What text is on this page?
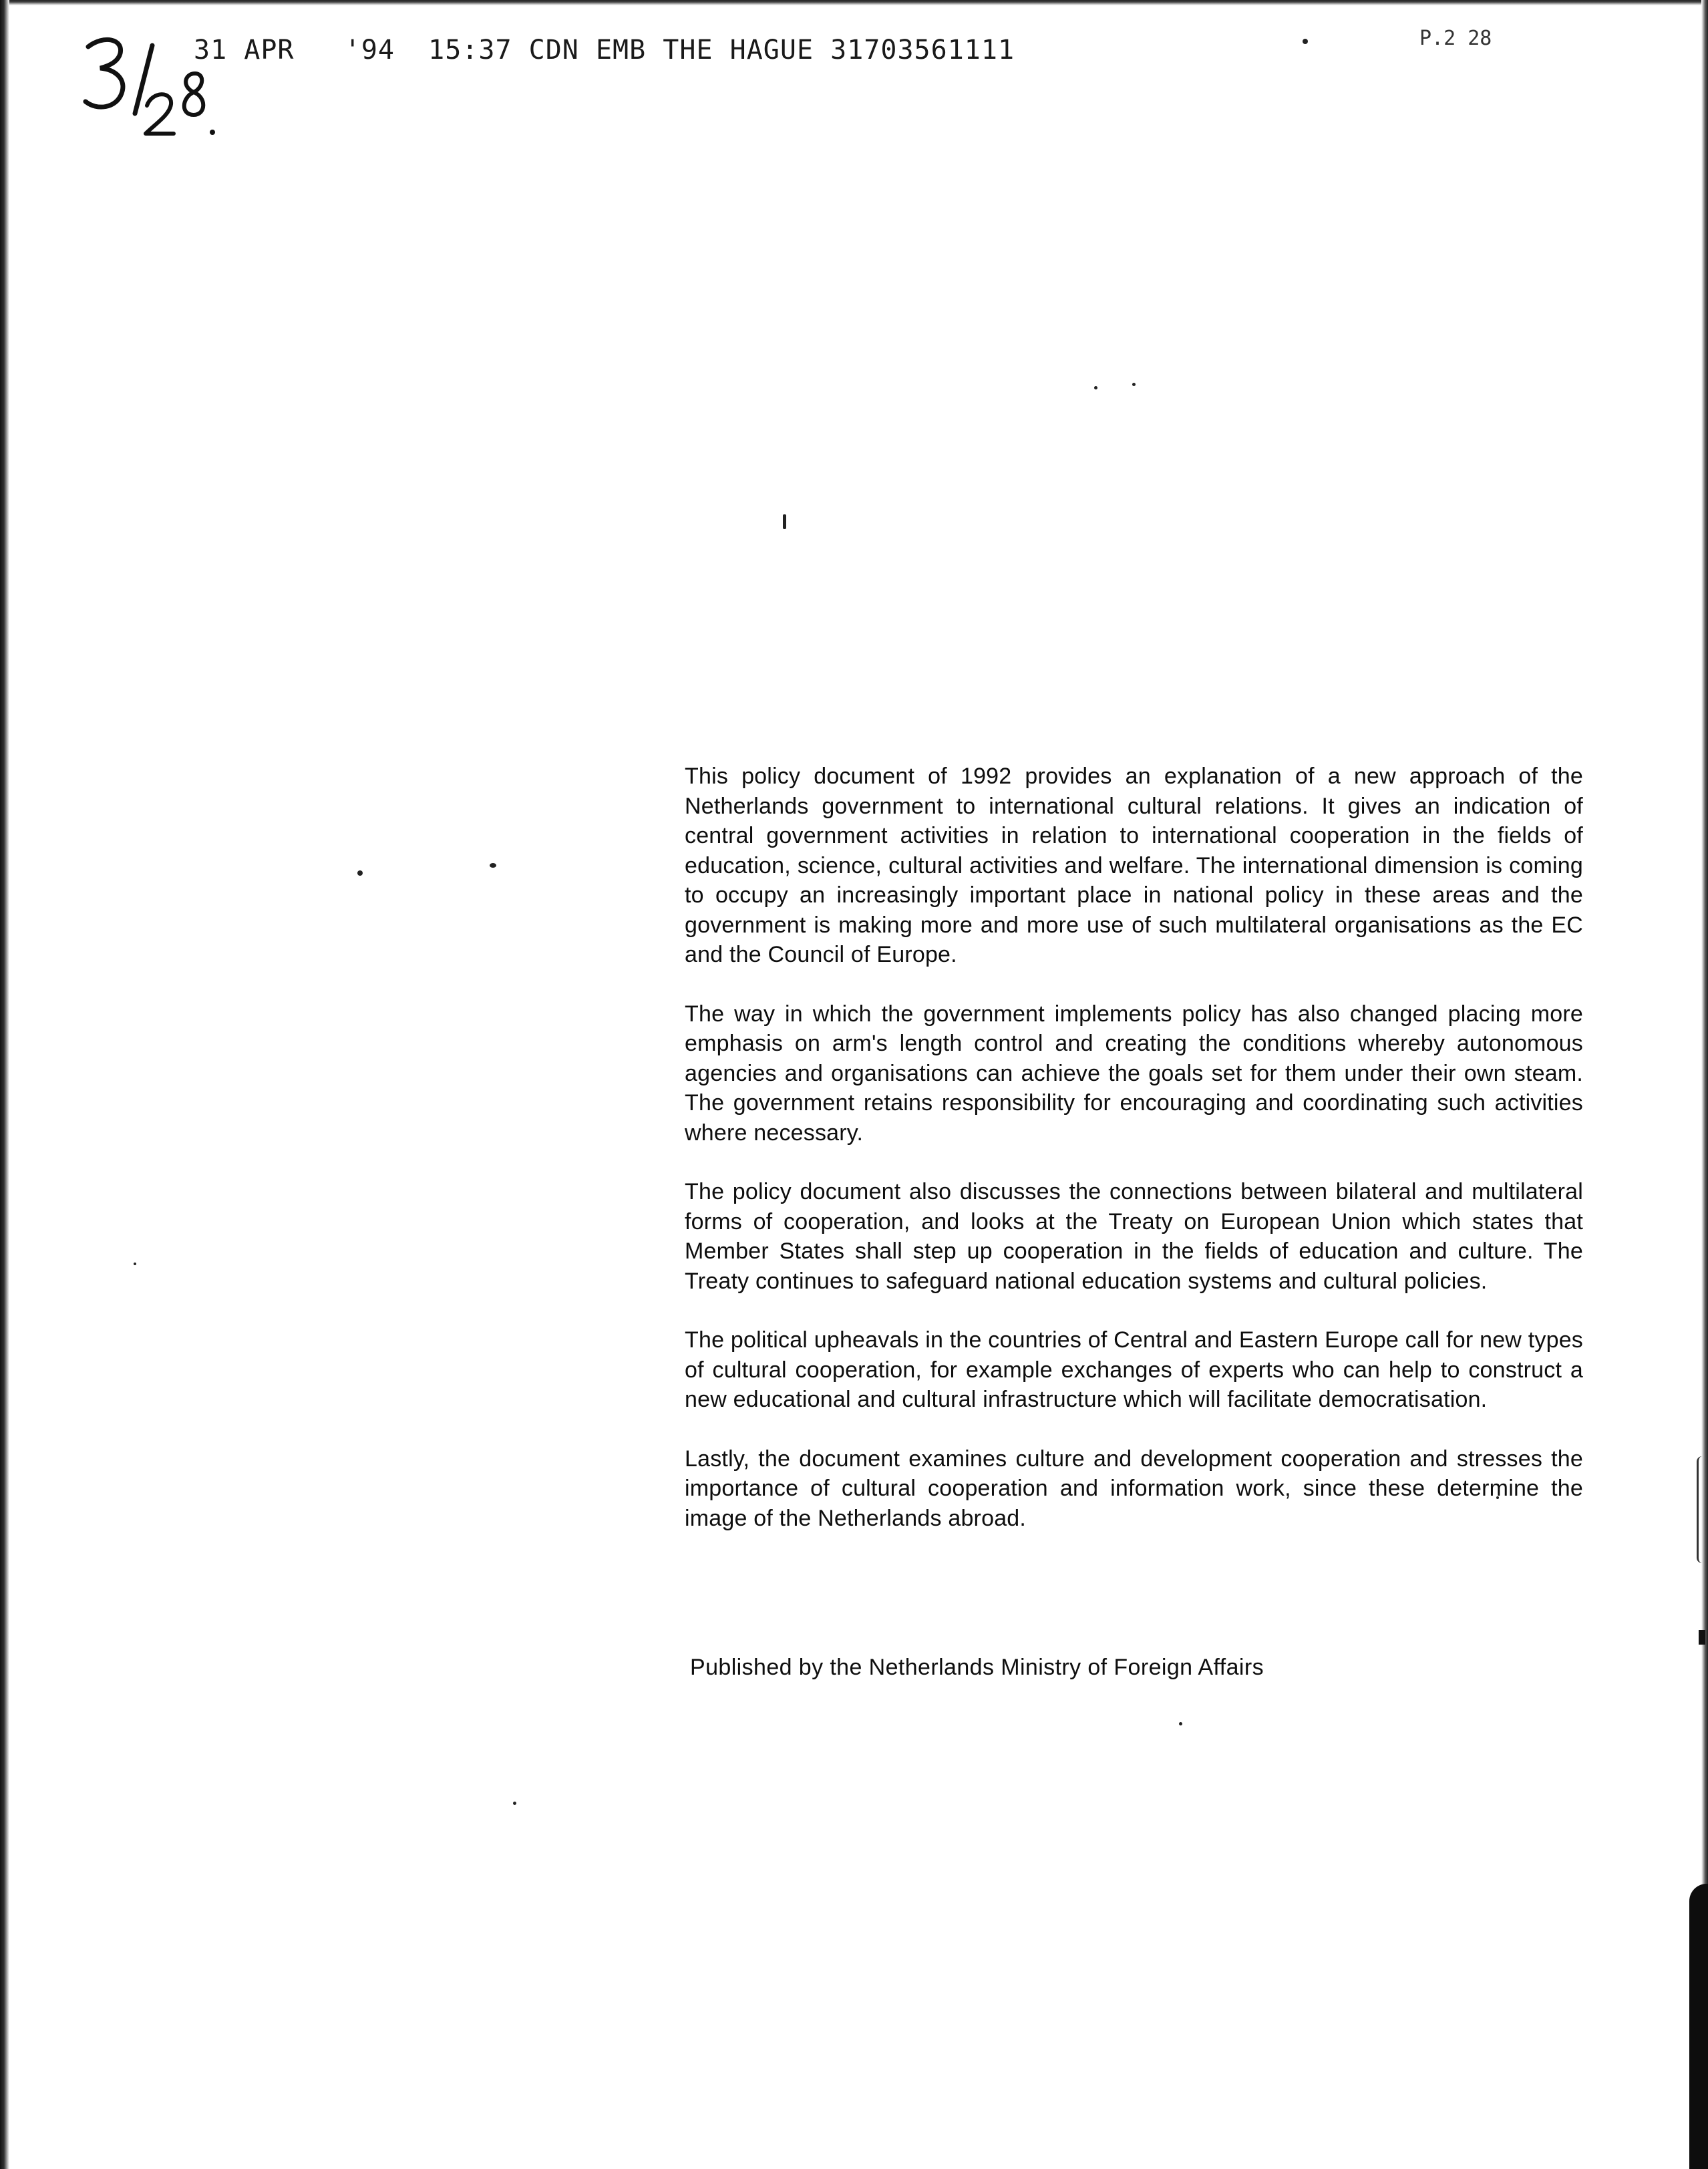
31 APR   '94  15:37 CDN EMB THE HAGUE 31703561111	P.2 28

This policy document of 1992 provides an explanation of a new approach of the Netherlands government to international cultural relations. It gives an indication of central government activities in relation to international cooperation in the fields of education, science, cultural activities and welfare. The international dimension is coming to occupy an increasingly important place in national policy in these areas and the government is making more and more use of such multilateral organisations as the EC and the Council of Europe.

The way in which the government implements policy has also changed placing more emphasis on arm's length control and creating the conditions whereby autonomous agencies and organisations can achieve the goals set for them under their own steam. The government retains responsibility for encouraging and coordinating such activities where necessary.

The policy document also discusses the connections between bilateral and multilateral forms of cooperation, and looks at the Treaty on European Union which states that Member States shall step up cooperation in the fields of education and culture. The Treaty continues to safeguard national education systems and cultural policies.

The political upheavals in the countries of Central and Eastern Europe call for new types of cultural cooperation, for example exchanges of experts who can help to construct a new educational and cultural infrastructure which will facilitate democratisation.

Lastly, the document examines culture and development cooperation and stresses the importance of cultural cooperation and information work, since these determine the image of the Netherlands abroad.

Published by the Netherlands Ministry of Foreign Affairs
